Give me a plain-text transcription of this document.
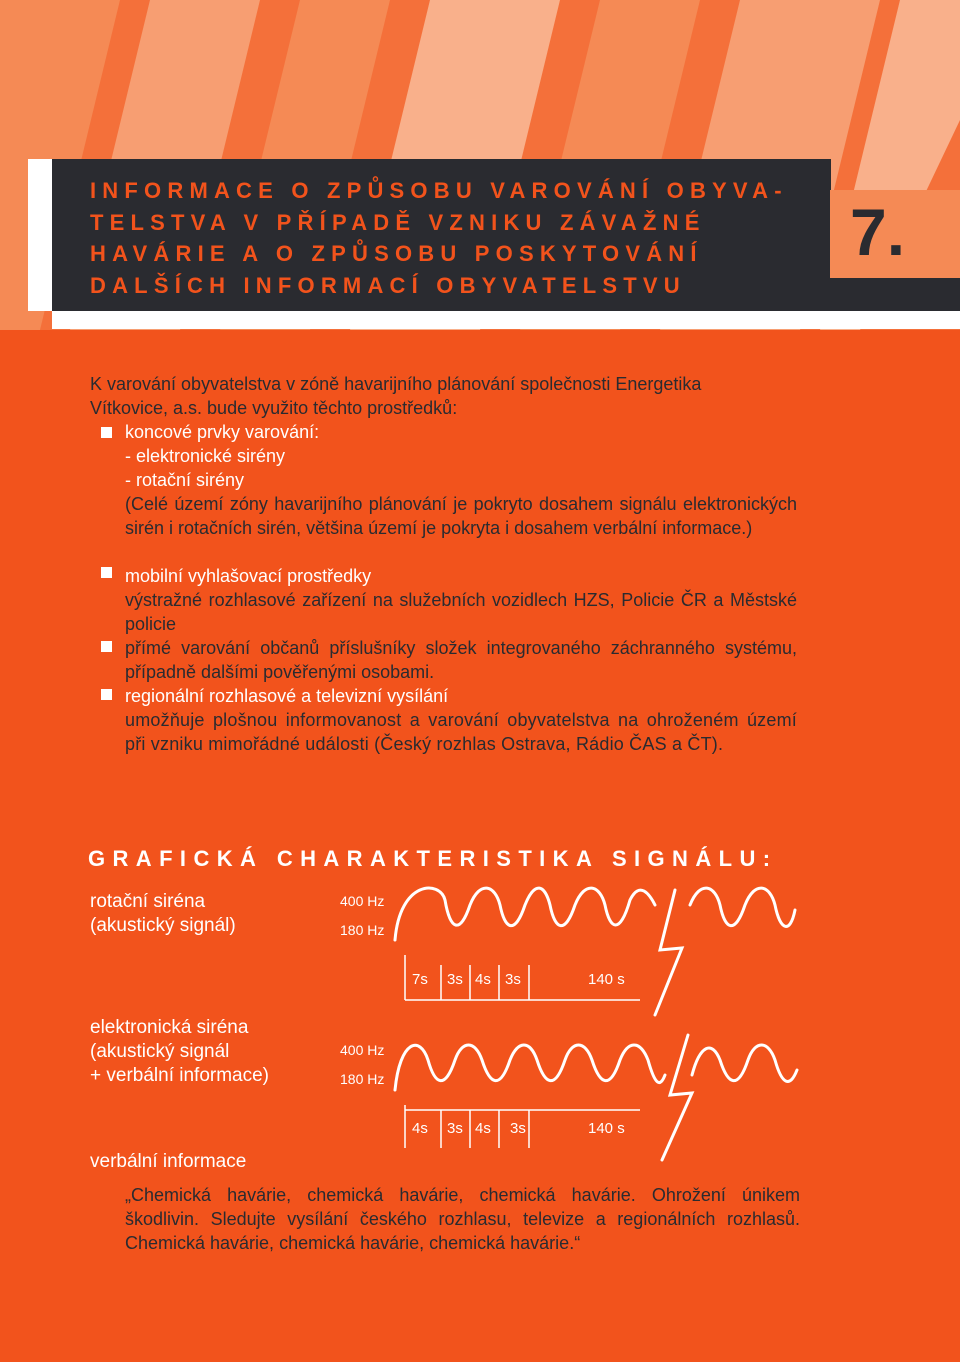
INFORMACE O ZPŮSOBU VAROVÁNÍ OBYVA-
TELSTVA V PŘÍPADĚ VZNIKU ZÁVAŽNÉ
HAVÁRIE A O ZPŮSOBU POSKYTOVÁNÍ
DALŠÍCH INFORMACÍ OBYVATELSTVU
7.
K varování obyvatelstva v zóně havarijního plánování společnosti Energetika
Vítkovice, a.s. bude využito těchto prostředků:
koncové prvky varování:
- elektronické sirény
- rotační sirény
(Celé území zóny havarijního plánování je pokryto dosahem signálu elektronických sirén i rotačních sirén, většina území je pokryta i dosahem verbální informace.)
mobilní vyhlašovací prostředky
výstražné rozhlasové zařízení na služebních vozidlech HZS, Policie ČR a Městské policie
přímé varování občanů příslušníky složek integrovaného záchranného systému, případně dalšími pověřenými osobami.
regionální rozhlasové a televizní vysílání
umožňuje plošnou informovanost a varování obyvatelstva na ohroženém území při vzniku mimořádné události (Český rozhlas Ostrava, Rádio ČAS a ČT).
GRAFICKÁ CHARAKTERISTIKA SIGNÁLU:
rotační siréna
(akustický signál)
400 Hz
180 Hz
elektronická siréna
(akustický signál
+ verbální informace)
400 Hz
180 Hz
7s 3s 4s 3s	140 s
4s 3s 4s 3s	140 s
verbální informace
„Chemická havárie, chemická havárie, chemická havárie. Ohrožení únikem škodlivin. Sledujte vysílání českého rozhlasu, televize a regionálních rozhlasů. Chemická havárie, chemická havárie, chemická havárie.“
